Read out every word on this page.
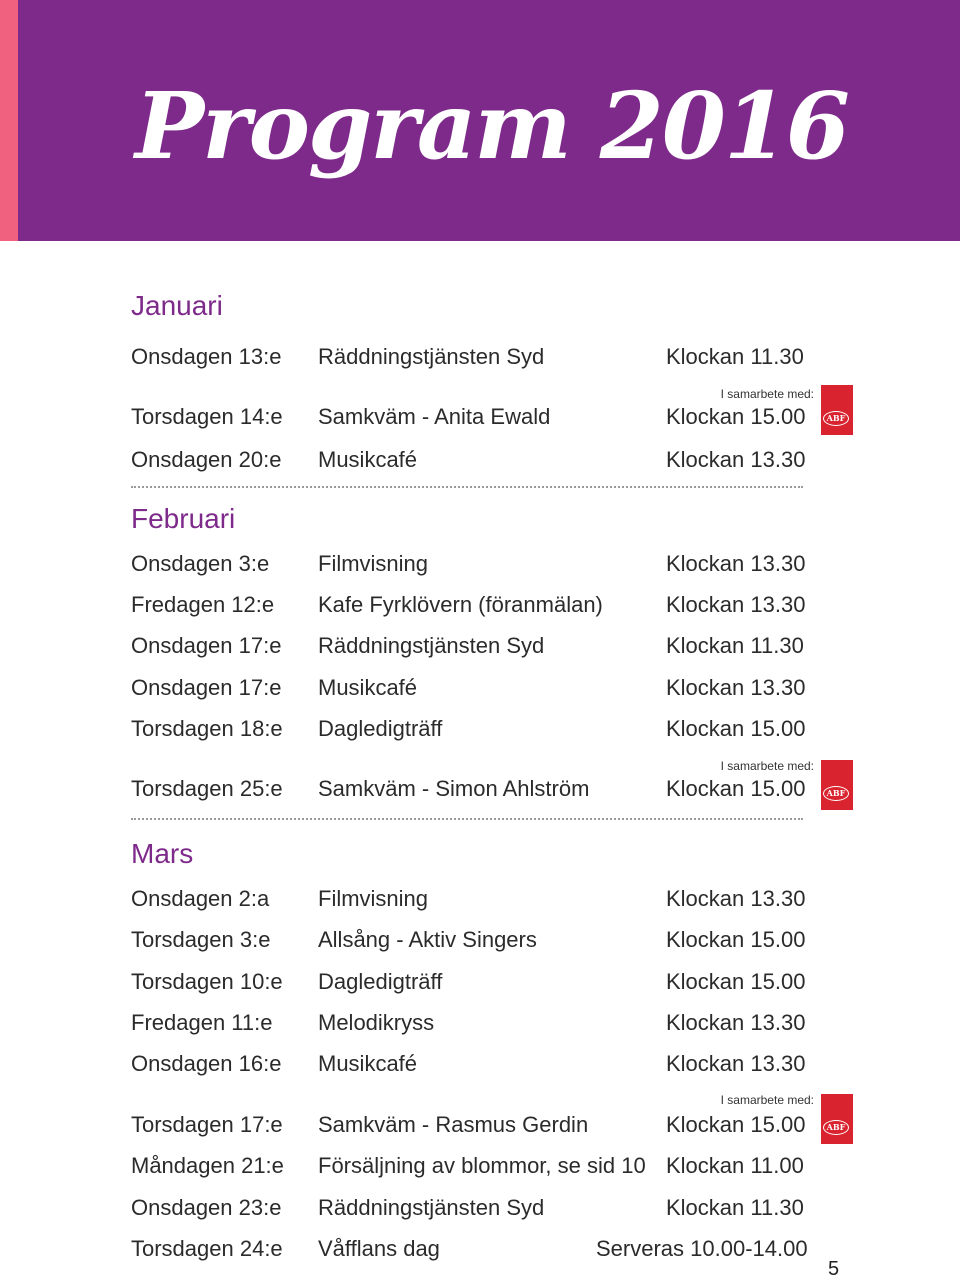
Program 2016
Januari
Onsdagen 13:e Räddningstjänsten Syd	Klockan 11.30
I samarbete med:
ABF
Torsdagen 14:e Samkväm - Anita Ewald	Klockan 15.00
Onsdagen 20:e Musikcafé	Klockan 13.30
Februari
Onsdagen 3:e Filmvisning	Klockan 13.30
Fredagen 12:e Kafe Fyrklövern (föranmälan)	Klockan 13.30
Onsdagen 17:e Räddningstjänsten Syd	Klockan 11.30
Onsdagen 17:e Musikcafé	Klockan 13.30
Torsdagen 18:e Dagledigträff	Klockan 15.00
I samarbete med:
ABF
Torsdagen 25:e Samkväm - Simon Ahlström	Klockan 15.00
Mars
Onsdagen 2:a Filmvisning	Klockan 13.30
Torsdagen 3:e Allsång - Aktiv Singers	Klockan 15.00
Torsdagen 10:e Dagledigträff	Klockan 15.00
Fredagen 11:e Melodikryss	Klockan 13.30
Onsdagen 16:e Musikcafé	Klockan 13.30
I samarbete med:
ABF
Torsdagen 17:e Samkväm - Rasmus Gerdin	Klockan 15.00
Måndagen 21:e Försäljning av blommor, se sid 10 Klockan 11.00
Onsdagen 23:e Räddningstjänsten Syd	Klockan 11.30
Torsdagen 24:e Våfflans dag	Serveras 10.00-14.00
5
